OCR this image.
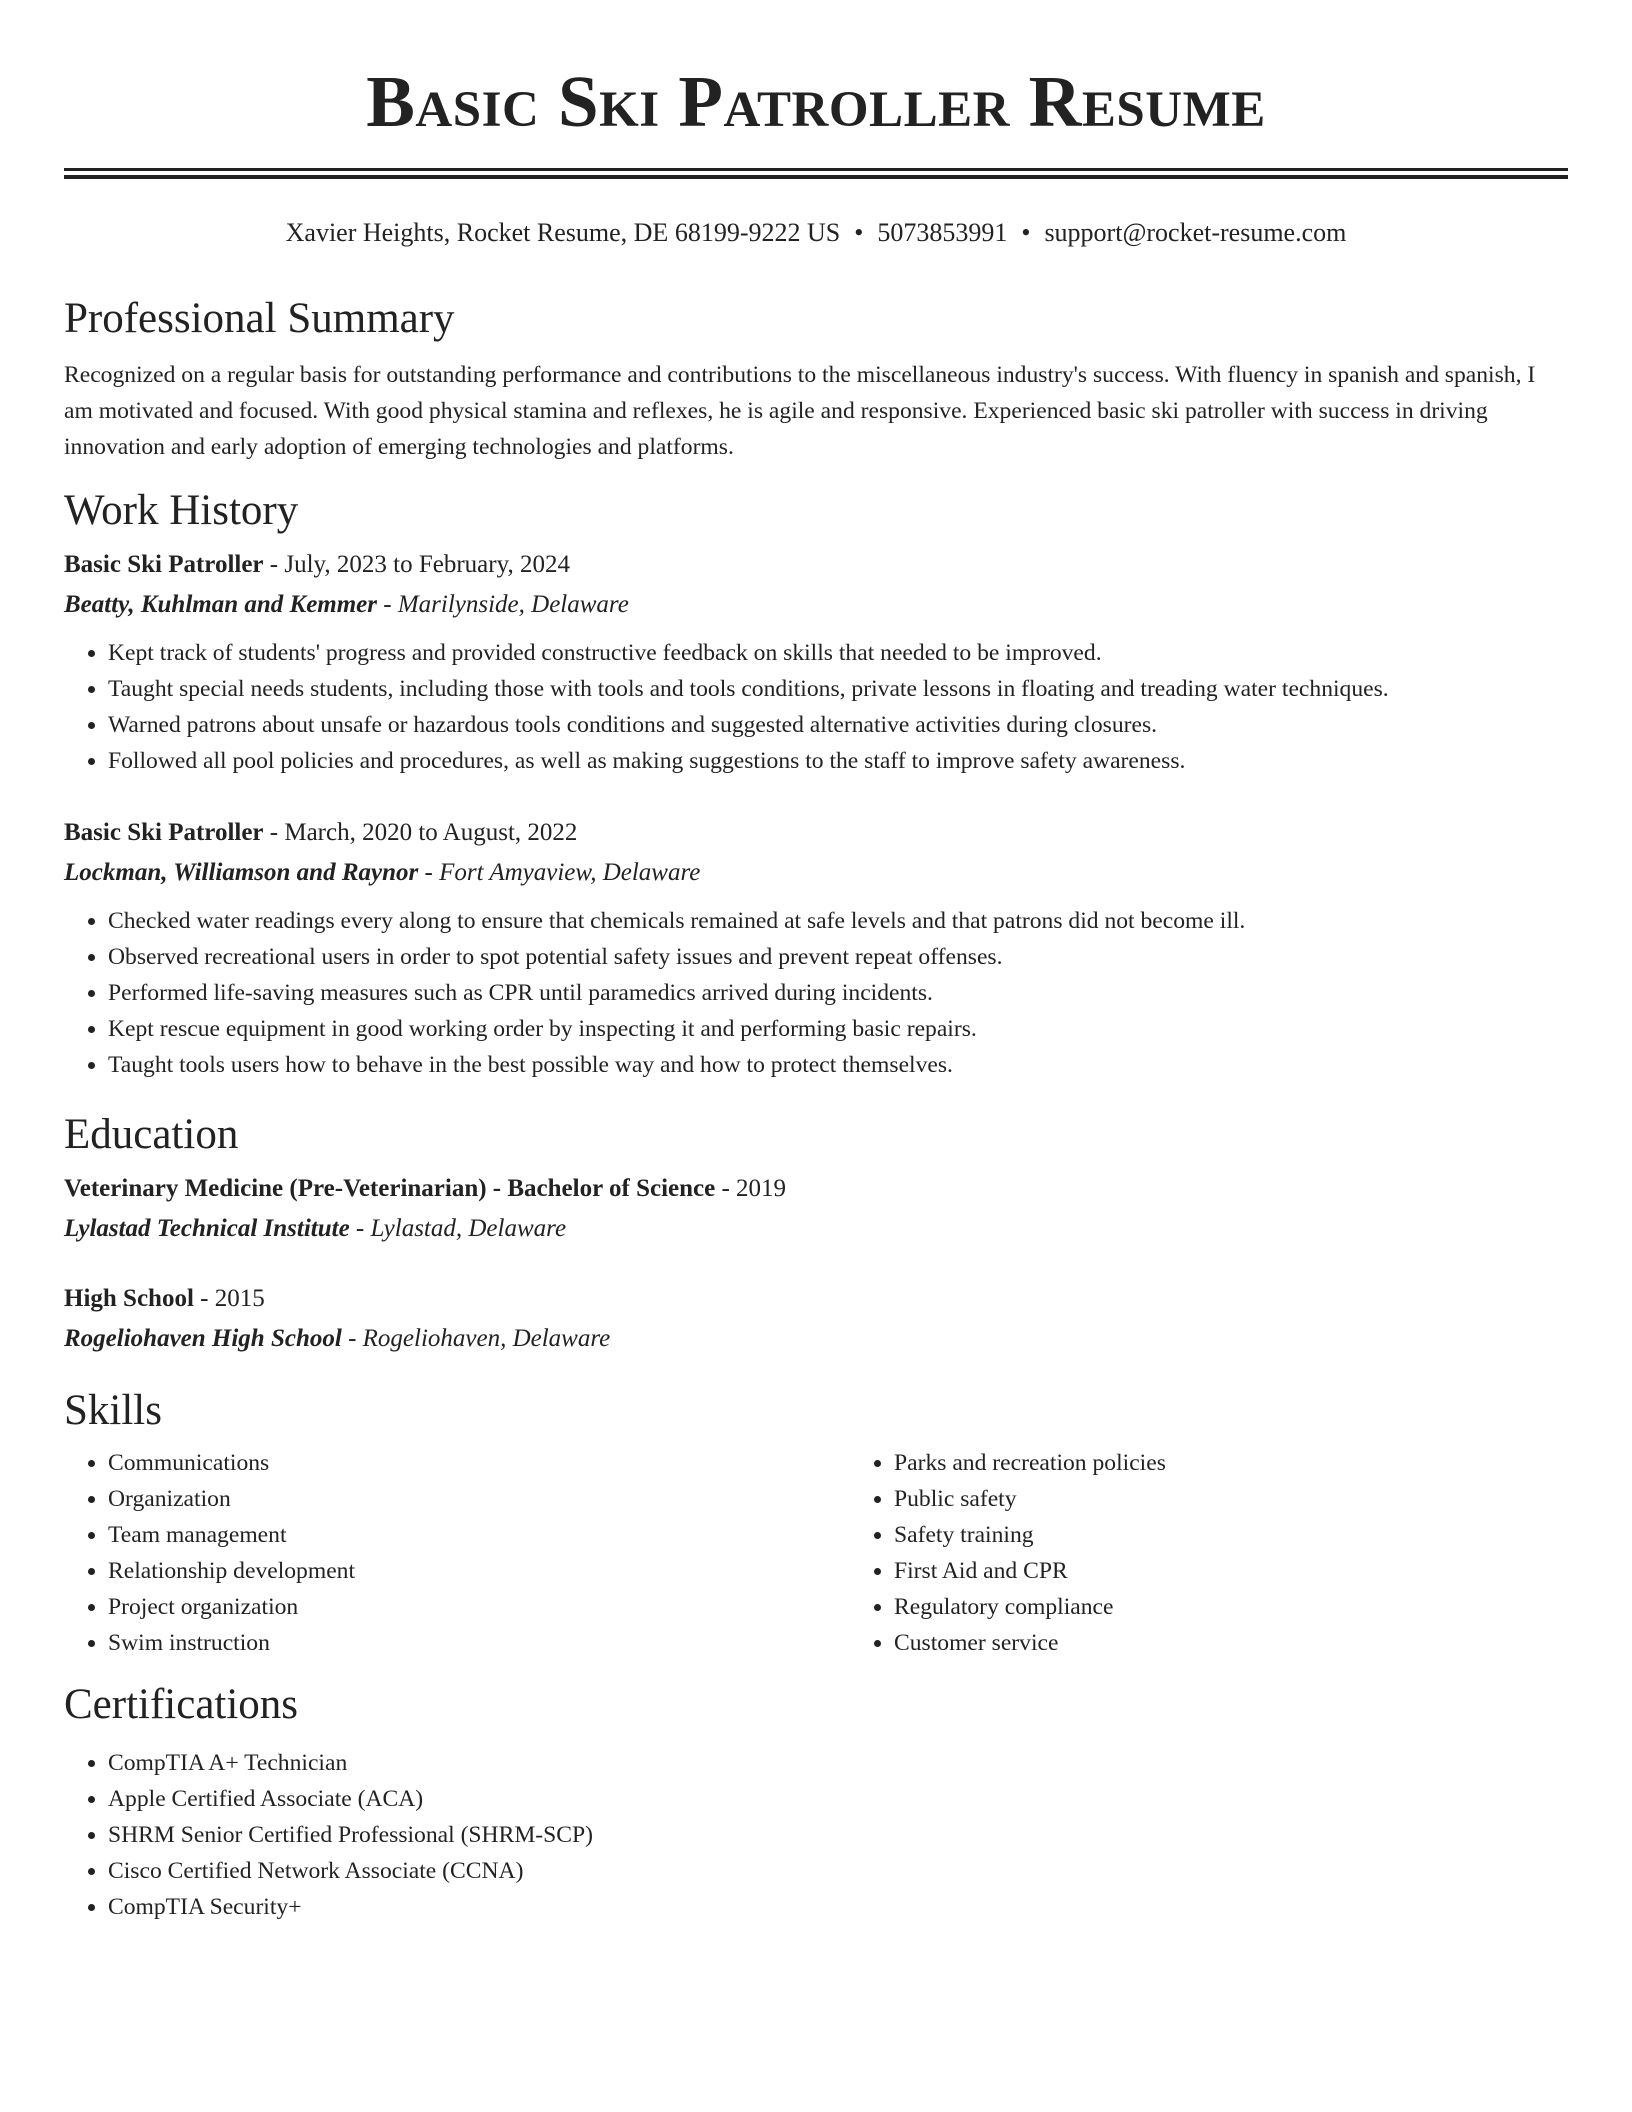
Basic Ski Patroller Resume
Xavier Heights, Rocket Resume, DE 68199-9222 US • 5073853991 • support@rocket-resume.com
Professional Summary
Recognized on a regular basis for outstanding performance and contributions to the miscellaneous industry's success. With fluency in spanish and spanish, I am motivated and focused. With good physical stamina and reflexes, he is agile and responsive. Experienced basic ski patroller with success in driving innovation and early adoption of emerging technologies and platforms.
Work History
Basic Ski Patroller - July, 2023 to February, 2024
Beatty, Kuhlman and Kemmer - Marilynside, Delaware
• Kept track of students' progress and provided constructive feedback on skills that needed to be improved.
• Taught special needs students, including those with tools and tools conditions, private lessons in floating and treading water techniques.
• Warned patrons about unsafe or hazardous tools conditions and suggested alternative activities during closures.
• Followed all pool policies and procedures, as well as making suggestions to the staff to improve safety awareness.
Basic Ski Patroller - March, 2020 to August, 2022
Lockman, Williamson and Raynor - Fort Amyaview, Delaware
• Checked water readings every along to ensure that chemicals remained at safe levels and that patrons did not become ill.
• Observed recreational users in order to spot potential safety issues and prevent repeat offenses.
• Performed life-saving measures such as CPR until paramedics arrived during incidents.
• Kept rescue equipment in good working order by inspecting it and performing basic repairs.
• Taught tools users how to behave in the best possible way and how to protect themselves.
Education
Veterinary Medicine (Pre-Veterinarian) - Bachelor of Science - 2019
Lylastad Technical Institute - Lylastad, Delaware
High School - 2015
Rogeliohaven High School - Rogeliohaven, Delaware
Skills
• Communications
• Organization
• Team management
• Relationship development
• Project organization
• Swim instruction
• Parks and recreation policies
• Public safety
• Safety training
• First Aid and CPR
• Regulatory compliance
• Customer service
Certifications
• CompTIA A+ Technician
• Apple Certified Associate (ACA)
• SHRM Senior Certified Professional (SHRM-SCP)
• Cisco Certified Network Associate (CCNA)
• CompTIA Security+
